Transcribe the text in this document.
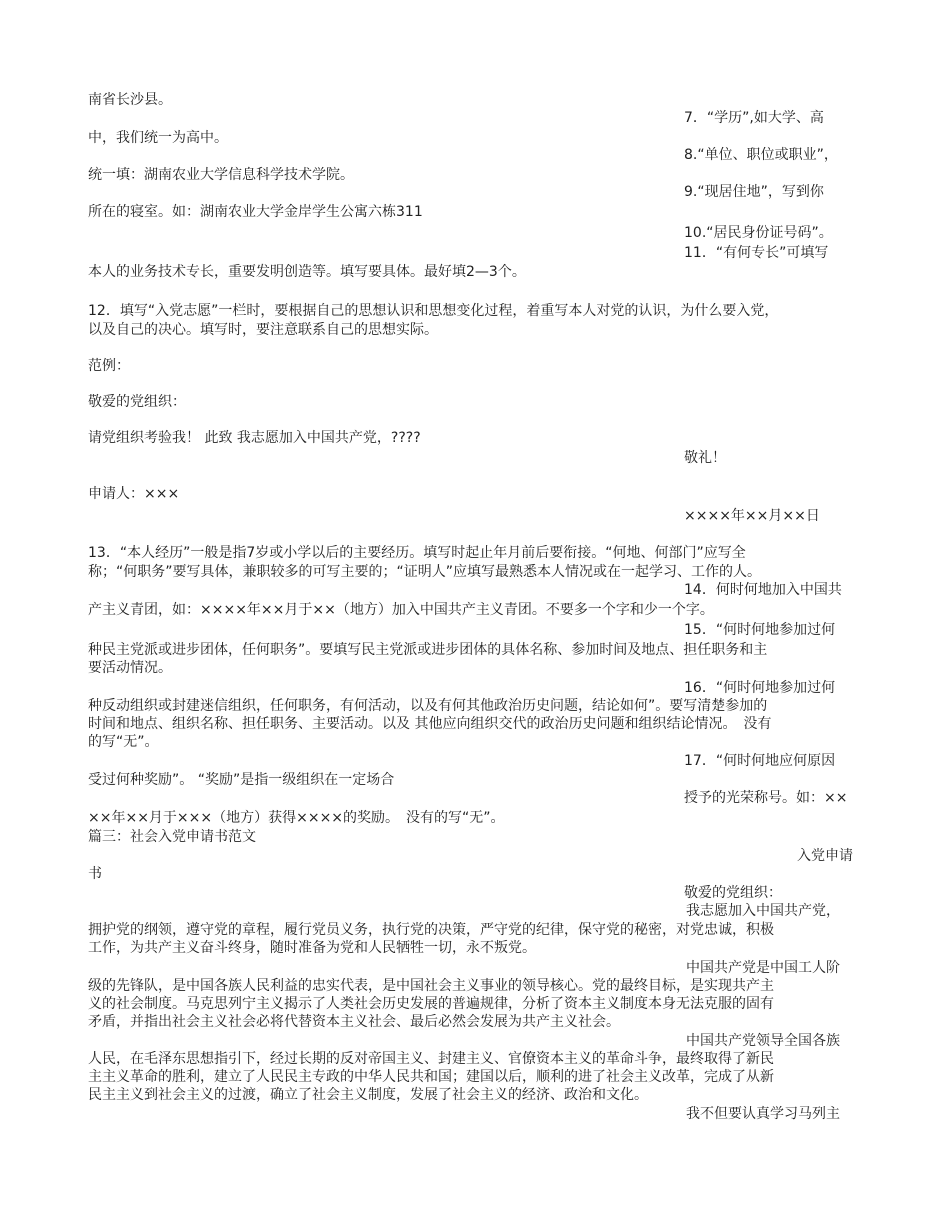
南省长沙县。

7．“学历”,如大学、高

中，我们统一为高中。

8.“单位、职位或职业”，

统一填：湖南农业大学信息科学技术学院。

9.“现居住地”，写到你

所在的寝室。如：湖南农业大学金岸学生公寓六栋311

10.“居民身份证号码”。

11．“有何专长”可填写

本人的业务技术专长，重要发明创造等。填写要具体。最好填2—3个。

12．填写“入党志愿”一栏时，要根据自己的思想认识和思想变化过程，着重写本人对党的认识，为什么要入党，

以及自己的决心。填写时，要注意联系自己的思想实际。

范例：

敬爱的党组织：

请党组织考验我！ 此致 我志愿加入中国共产党，????

敬礼！

申请人：×××

××××年××月××日

13．“本人经历”一般是指7岁或小学以后的主要经历。填写时起止年月前后要衔接。“何地、何部门”应写全

称；“何职务”要写具体，兼职较多的可写主要的；“证明人”应填写最熟悉本人情况或在一起学习、工作的人。

14．何时何地加入中国共

产主义青团，如：××××年××月于××（地方）加入中国共产主义青团。不要多一个字和少一个字。

15．“何时何地参加过何

种民主党派或进步团体，任何职务”。要填写民主党派或进步团体的具体名称、参加时间及地点、担任职务和主

要活动情况。

16．“何时何地参加过何

种反动组织或封建迷信组织，任何职务，有何活动，以及有何其他政治历史问题，结论如何”。要写清楚参加的

时间和地点、组织名称、担任职务、主要活动。以及 其他应向组织交代的政治历史问题和组织结论情况。　没有

的写“无”。

17．“何时何地应何原因

受过何种奖励”。 “奖励”是指一级组织在一定场合

授予的光荣称号。如：××

××年××月于×××（地方）获得××××的奖励。　没有的写“无”。

篇三：社会入党申请书范文

入党申请

书

敬爱的党组织：

我志愿加入中国共产党，

拥护党的纲领，遵守党的章程，履行党员义务，执行党的决策，严守党的纪律，保守党的秘密，对党忠诚，积极

工作，为共产主义奋斗终身，随时准备为党和人民牺牲一切，永不叛党。

中国共产党是中国工人阶

级的先锋队，是中国各族人民利益的忠实代表，是中国社会主义事业的领导核心。党的最终目标，是实现共产主

义的社会制度。马克思列宁主义揭示了人类社会历史发展的普遍规律，分析了资本主义制度本身无法克服的固有

矛盾，并指出社会主义社会必将代替资本主义社会、最后必然会发展为共产主义社会。

中国共产党领导全国各族

人民，在毛泽东思想指引下，经过长期的反对帝国主义、封建主义、官僚资本主义的革命斗争，最终取得了新民

主主义革命的胜利，建立了人民民主专政的中华人民共和国；建国以后，顺利的进了社会主义改革，完成了从新

民主主义到社会主义的过渡，确立了社会主义制度，发展了社会主义的经济、政治和文化。

我不但要认真学习马列主
